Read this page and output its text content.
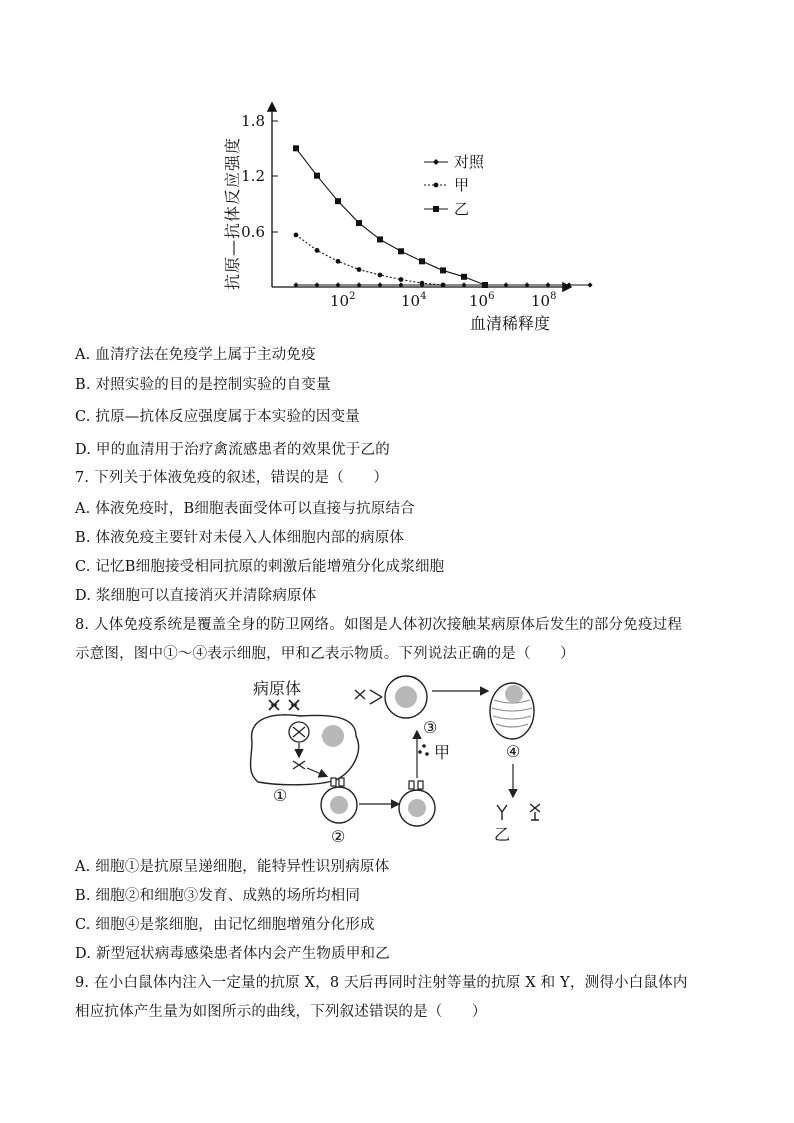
1.8
1.2
0.6
$10^2$	$10^4$	$10^6$ $10^8$
抗原—抗体反应强度
血清稀释度
对照
甲
乙
A. 血清疗法在免疫学上属于主动免疫
B. 对照实验的目的是控制实验的自变量
C. 抗原—抗体反应强度属于本实验的因变量
D. 甲的血清用于治疗禽流感患者的效果优于乙的
7. 下列关于体液免疫的叙述，错误的是（　　）
A. 体液免疫时，B细胞表面受体可以直接与抗原结合
B. 体液免疫主要针对未侵入人体细胞内部的病原体
C. 记忆B细胞接受相同抗原的刺激后能增殖分化成浆细胞
D. 浆细胞可以直接消灭并清除病原体
8. 人体免疫系统是覆盖全身的防卫网络。如图是人体初次接触某病原体后发生的部分免疫过程
示意图，图中①～④表示细胞，甲和乙表示物质。下列说法正确的是（　　）
病原体
①
②
甲
③
④
乙
A. 细胞①是抗原呈递细胞，能特异性识别病原体
B. 细胞②和细胞③发育、成熟的场所均相同
C. 细胞④是浆细胞，由记忆细胞增殖分化形成
D. 新型冠状病毒感染患者体内会产生物质甲和乙
9. 在小白鼠体内注入一定量的抗原 X，8 天后再同时注射等量的抗原 X 和 Y，测得小白鼠体内
相应抗体产生量为如图所示的曲线，下列叙述错误的是（　　）
